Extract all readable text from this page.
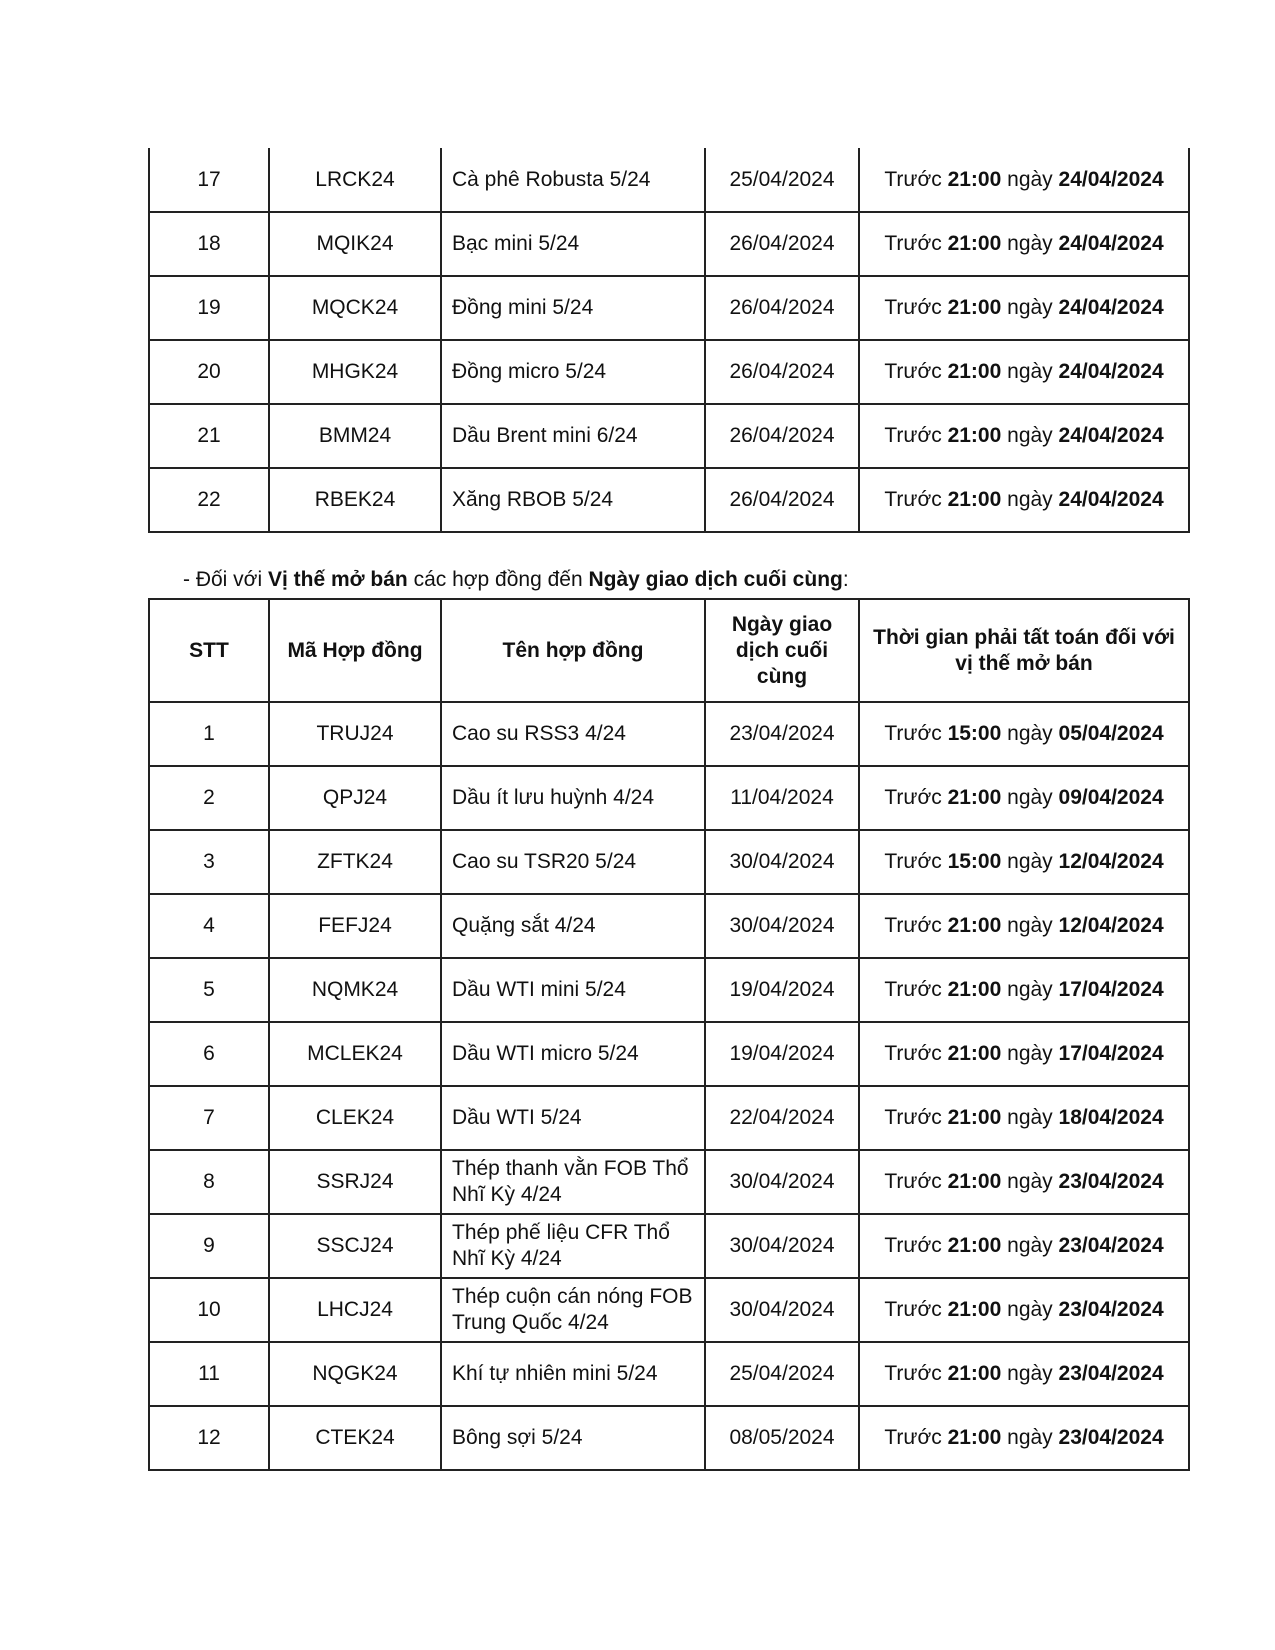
17	LRCK24	Cà phê Robusta 5/24	25/04/2024	Trước 21:00 ngày 24/04/2024
18	MQIK24	Bạc mini 5/24	26/04/2024	Trước 21:00 ngày 24/04/2024
19	MQCK24	Đồng mini 5/24	26/04/2024	Trước 21:00 ngày 24/04/2024
20	MHGK24	Đồng micro 5/24	26/04/2024	Trước 21:00 ngày 24/04/2024
21	BMM24	Dầu Brent mini 6/24	26/04/2024	Trước 21:00 ngày 24/04/2024
22	RBEK24	Xăng RBOB 5/24	26/04/2024	Trước 21:00 ngày 24/04/2024
- Đối với Vị thế mở bán các hợp đồng đến Ngày giao dịch cuối cùng:
STT	Mã Hợp đồng	Tên hợp đồng	Ngày giao dịch cuối cùng	Thời gian phải tất toán đối với vị thế mở bán
1	TRUJ24	Cao su RSS3 4/24	23/04/2024	Trước 15:00 ngày 05/04/2024
2	QPJ24	Dầu ít lưu huỳnh 4/24	11/04/2024	Trước 21:00 ngày 09/04/2024
3	ZFTK24	Cao su TSR20 5/24	30/04/2024	Trước 15:00 ngày 12/04/2024
4	FEFJ24	Quặng sắt 4/24	30/04/2024	Trước 21:00 ngày 12/04/2024
5	NQMK24	Dầu WTI mini 5/24	19/04/2024	Trước 21:00 ngày 17/04/2024
6	MCLEK24	Dầu WTI micro 5/24	19/04/2024	Trước 21:00 ngày 17/04/2024
7	CLEK24	Dầu WTI 5/24	22/04/2024	Trước 21:00 ngày 18/04/2024
8	SSRJ24	Thép thanh vằn FOB Thổ Nhĩ Kỳ 4/24	30/04/2024	Trước 21:00 ngày 23/04/2024
9	SSCJ24	Thép phế liệu CFR Thổ Nhĩ Kỳ 4/24	30/04/2024	Trước 21:00 ngày 23/04/2024
10	LHCJ24	Thép cuộn cán nóng FOB Trung Quốc 4/24	30/04/2024	Trước 21:00 ngày 23/04/2024
11	NQGK24	Khí tự nhiên mini 5/24	25/04/2024	Trước 21:00 ngày 23/04/2024
12	CTEK24	Bông sợi 5/24	08/05/2024	Trước 21:00 ngày 23/04/2024
